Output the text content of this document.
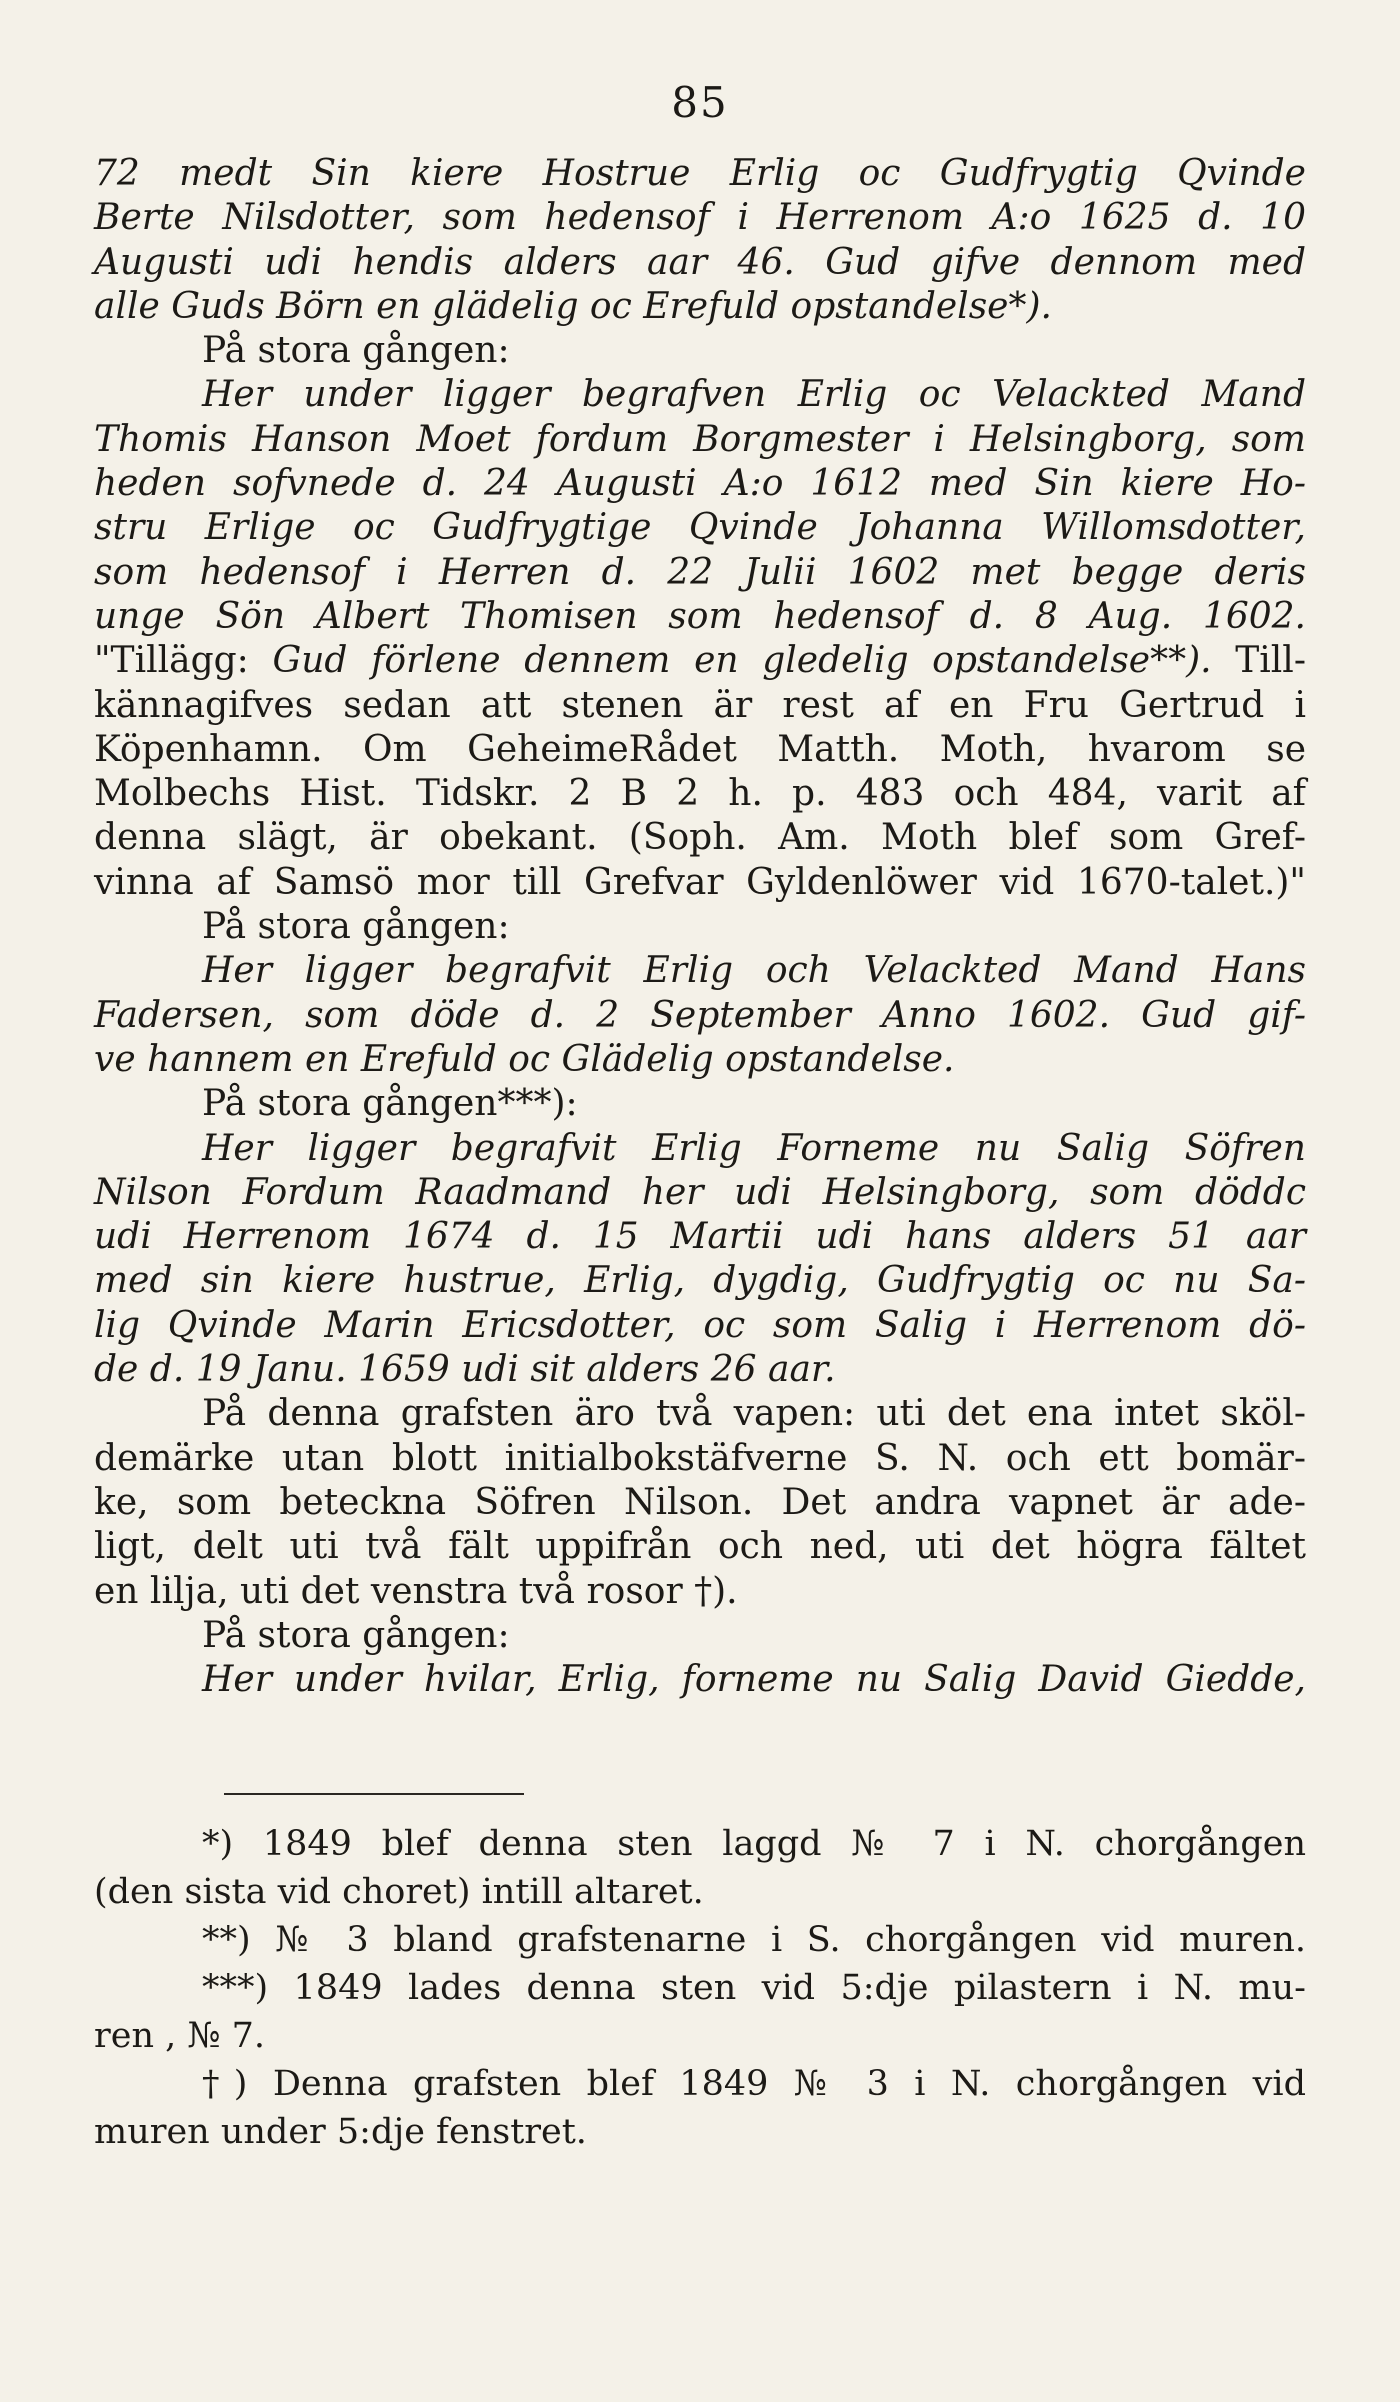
85
72 medt Sin kiere Hostrue Erlig oc Gudfrygtig Qvinde
Berte Nilsdotter, som hedensof i Herrenom A:o 1625 d. 10
Augusti udi hendis alders aar 46. Gud gifve dennom med
alle Guds Börn en glädelig oc Erefuld opstandelse*).
På stora gången:
Her under ligger begrafven Erlig oc Velackted Mand
Thomis Hanson Moet fordum Borgmester i Helsingborg, som
heden sofvnede d. 24 Augusti A:o 1612 med Sin kiere Ho-
stru Erlige oc Gudfrygtige Qvinde Johanna Willomsdotter,
som hedensof i Herren d. 22 Julii 1602 met begge deris
unge Sön Albert Thomisen som hedensof d. 8 Aug. 1602.
"Tillägg: Gud förlene dennem en gledelig opstandelse**). Till-
kännagifves sedan att stenen är rest af en Fru Gertrud i
Köpenhamn. Om GeheimeRådet Matth. Moth, hvarom se
Molbechs Hist. Tidskr. 2 B 2 h. p. 483 och 484, varit af
denna slägt, är obekant. (Soph. Am. Moth blef som Gref-
vinna af Samsö mor till Grefvar Gyldenlöwer vid 1670-talet.)"
På stora gången:
Her ligger begrafvit Erlig och Velackted Mand Hans
Fadersen, som döde d. 2 September Anno 1602. Gud gif-
ve hannem en Erefuld oc Glädelig opstandelse.
På stora gången***):
Her ligger begrafvit Erlig Forneme nu Salig Söfren
Nilson Fordum Raadmand her udi Helsingborg, som döddc
udi Herrenom 1674 d. 15 Martii udi hans alders 51 aar
med sin kiere hustrue, Erlig, dygdig, Gudfrygtig oc nu Sa-
lig Qvinde Marin Ericsdotter, oc som Salig i Herrenom dö-
de d. 19 Janu. 1659 udi sit alders 26 aar.
På denna grafsten äro två vapen: uti det ena intet sköl-
demärke utan blott initialbokstäfverne S. N. och ett bomär-
ke, som betecknа Söfren Nilson. Det andra vapnet är ade-
ligt, delt uti två fält uppifrån och ned, uti det högra fältet
en lilja, uti det venstra två rosor †).
På stora gången:
Her under hvilar, Erlig, forneme nu Salig David Giedde,
*) 1849 blef denna sten laggd № 7 i N. chorgången
(den sista vid choret) intill altaret.
**) № 3 bland grafstenarne i S. chorgången vid muren.
***) 1849 lades denna sten vid 5:dje pilastern i N. mu-
ren , № 7.
†) Denna grafsten blef 1849 № 3 i N. chorgången vid
muren under 5:dje fenstret.
